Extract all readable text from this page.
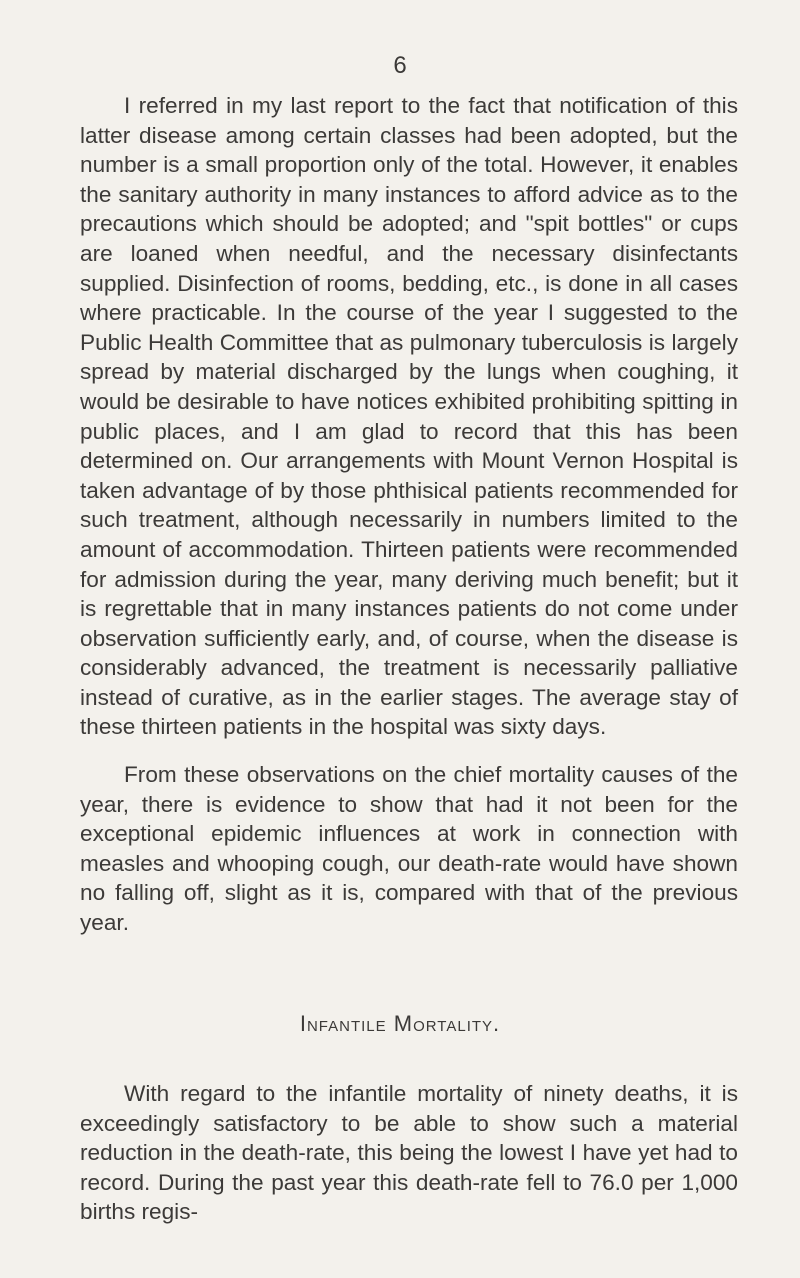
6

I referred in my last report to the fact that notification of this latter disease among certain classes had been adopted, but the number is a small proportion only of the total. However, it enables the sanitary authority in many instances to afford advice as to the precautions which should be adopted; and "spit bottles" or cups are loaned when needful, and the necessary disinfectants supplied. Disinfection of rooms, bedding, etc., is done in all cases where practicable. In the course of the year I suggested to the Public Health Committee that as pulmonary tuberculosis is largely spread by material discharged by the lungs when coughing, it would be desirable to have notices exhibited prohibiting spitting in public places, and I am glad to record that this has been determined on. Our arrangements with Mount Vernon Hospital is taken advantage of by those phthisical patients recommended for such treatment, although necessarily in numbers limited to the amount of accommodation. Thirteen patients were recommended for admission during the year, many deriving much benefit; but it is regrettable that in many instances patients do not come under observation sufficiently early, and, of course, when the disease is considerably advanced, the treatment is necessarily palliative instead of curative, as in the earlier stages. The average stay of these thirteen patients in the hospital was sixty days.

From these observations on the chief mortality causes of the year, there is evidence to show that had it not been for the exceptional epidemic influences at work in connection with measles and whooping cough, our death-rate would have shown no falling off, slight as it is, compared with that of the previous year.

Infantile Mortality.

With regard to the infantile mortality of ninety deaths, it is exceedingly satisfactory to be able to show such a material reduction in the death-rate, this being the lowest I have yet had to record. During the past year this death-rate fell to 76.0 per 1,000 births regis-
